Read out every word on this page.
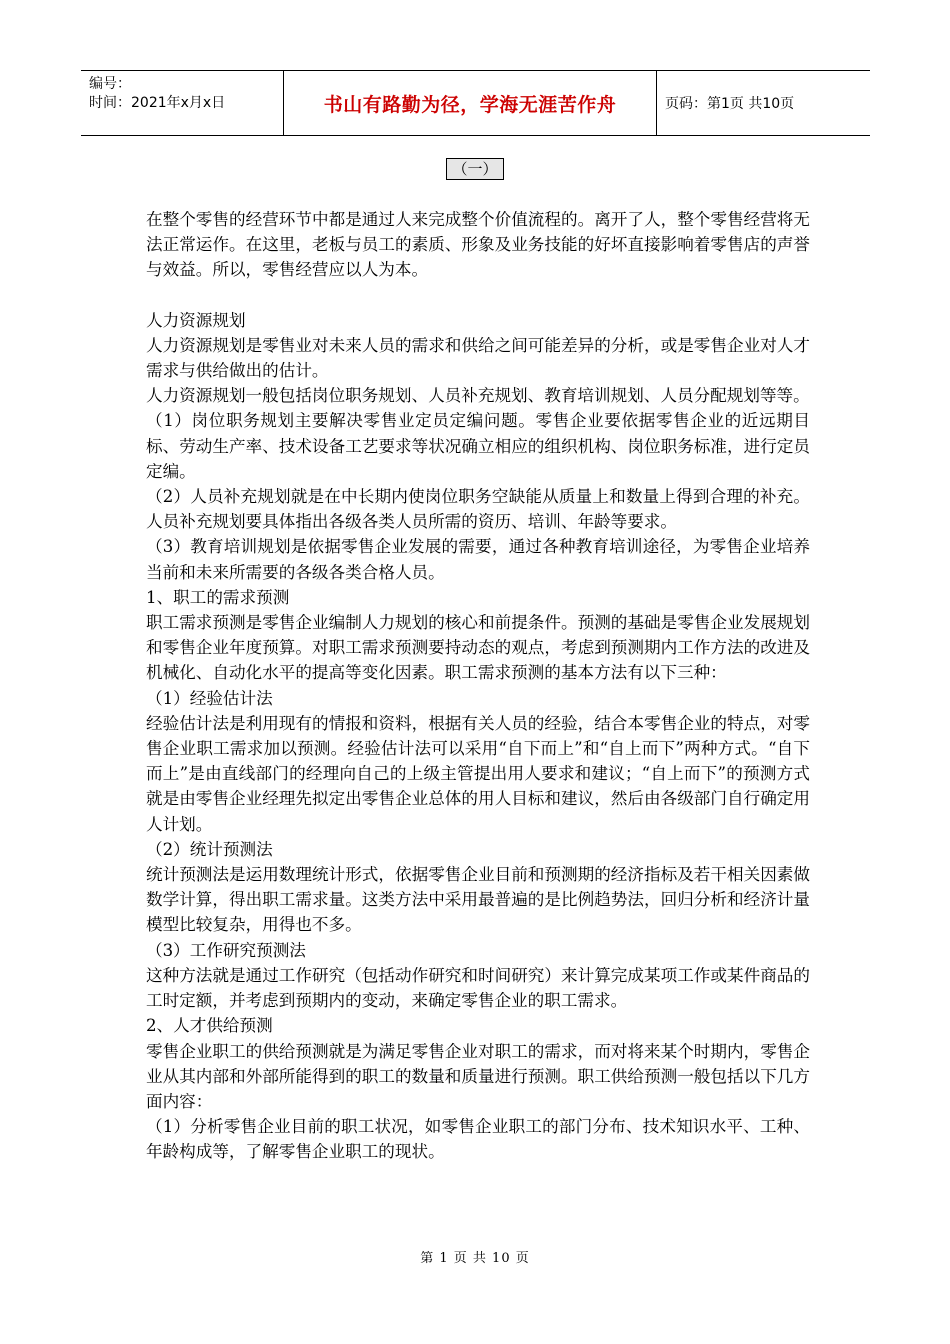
编号：
时间：2021年x月x日	书山有路勤为径，学海无涯苦作舟	页码：第1页 共10页
（一）

在整个零售的经营环节中都是通过人来完成整个价值流程的。离开了人，整个零售经营将无法正常运作。在这里，老板与员工的素质、形象及业务技能的好坏直接影响着零售店的声誉与效益。所以，零售经营应以人为本。

人力资源规划

人力资源规划是零售业对未来人员的需求和供给之间可能差异的分析，或是零售企业对人才需求与供给做出的估计。

人力资源规划一般包括岗位职务规划、人员补充规划、教育培训规划、人员分配规划等等。

（1）岗位职务规划主要解决零售业定员定编问题。零售企业要依据零售企业的近远期目标、劳动生产率、技术设备工艺要求等状况确立相应的组织机构、岗位职务标准，进行定员定编。

（2）人员补充规划就是在中长期内使岗位职务空缺能从质量上和数量上得到合理的补充。人员补充规划要具体指出各级各类人员所需的资历、培训、年龄等要求。

（3）教育培训规划是依据零售企业发展的需要，通过各种教育培训途径，为零售企业培养当前和未来所需要的各级各类合格人员。

1、职工的需求预测

职工需求预测是零售企业编制人力规划的核心和前提条件。预测的基础是零售企业发展规划和零售企业年度预算。对职工需求预测要持动态的观点，考虑到预测期内工作方法的改进及机械化、自动化水平的提高等变化因素。职工需求预测的基本方法有以下三种：

（1）经验估计法

经验估计法是利用现有的情报和资料，根据有关人员的经验，结合本零售企业的特点，对零售企业职工需求加以预测。经验估计法可以采用“自下而上”和“自上而下”两种方式。“自下而上”是由直线部门的经理向自己的上级主管提出用人要求和建议；“自上而下”的预测方式就是由零售企业经理先拟定出零售企业总体的用人目标和建议，然后由各级部门自行确定用人计划。

（2）统计预测法

统计预测法是运用数理统计形式，依据零售企业目前和预测期的经济指标及若干相关因素做数学计算，得出职工需求量。这类方法中采用最普遍的是比例趋势法，回归分析和经济计量模型比较复杂，用得也不多。

（3）工作研究预测法

这种方法就是通过工作研究（包括动作研究和时间研究）来计算完成某项工作或某件商品的工时定额，并考虑到预期内的变动，来确定零售企业的职工需求。

2、人才供给预测

零售企业职工的供给预测就是为满足零售企业对职工的需求，而对将来某个时期内，零售企业从其内部和外部所能得到的职工的数量和质量进行预测。职工供给预测一般包括以下几方面内容：

（1）分析零售企业目前的职工状况，如零售企业职工的部门分布、技术知识水平、工种、年龄构成等，了解零售企业职工的现状。

第 1 页 共 10 页
